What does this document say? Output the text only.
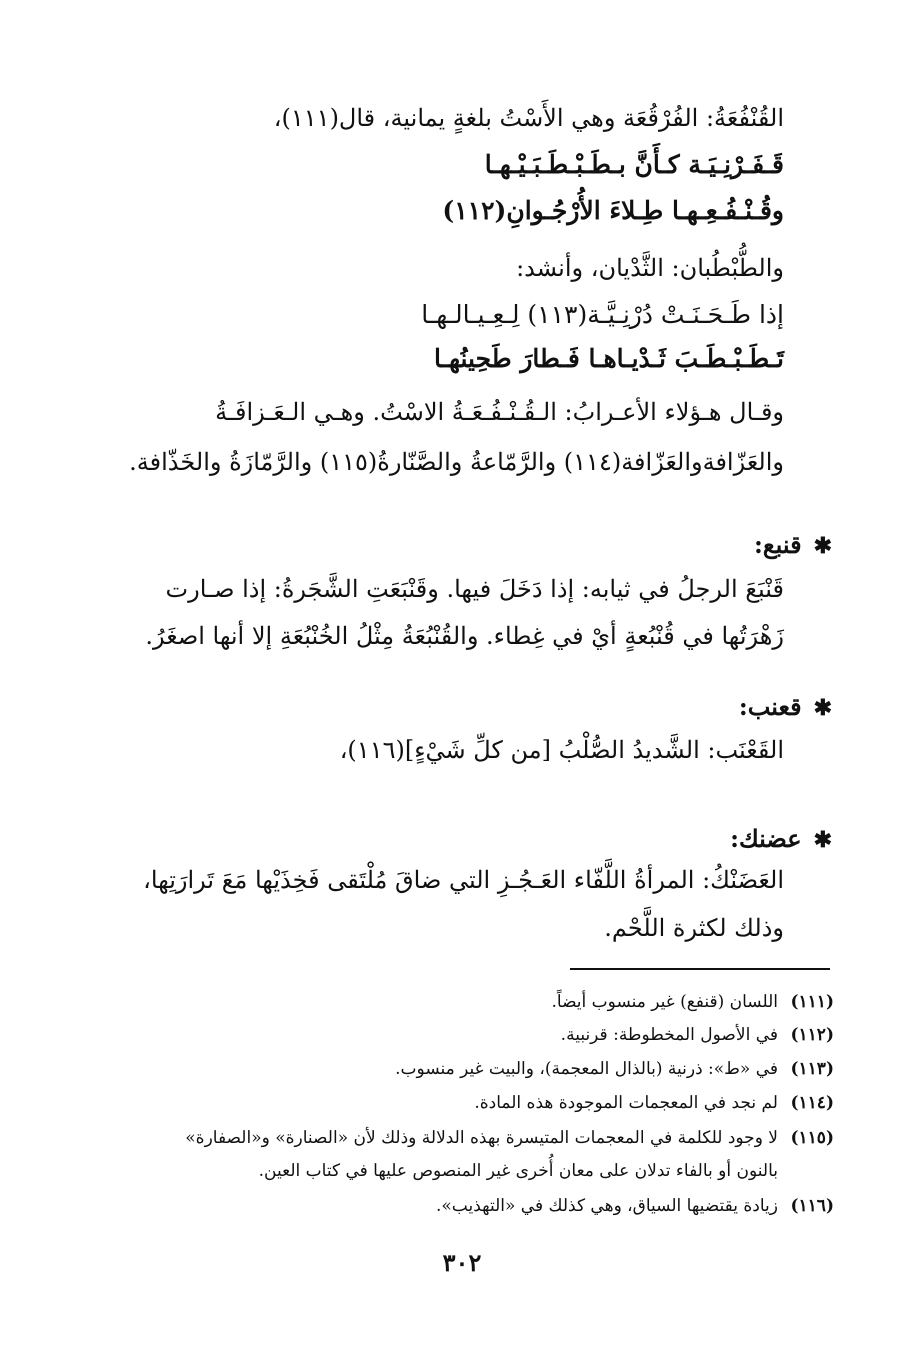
القُنْفُعَةُ: الفُرْقُعَة وهي الأَسْتُ بلغةٍ يمانية، قال(١١١)،
قَـفَـرْنِـيَـة كـأَنَّ بـطَـبْـطَـبَـيْـهـا
وقُـنْـفُـعِـهـا طِـلاءَ الأُرْجُـوانِ(١١٢)
والطُّبْطُبان: الثَّدْيان، وأنشد:
إذا طَـحَـنَـتْ دُرْنِـيَّـة(١١٣) لِـعِـيـالـهـا
تَـطَـبْـطَـبَ ثَـدْيـاهـا فَـطارَ طَحِينُهـا
وقـال هـؤلاء الأعـرابُ: الـقُـنْـفُـعَـةُ الاسْتُ. وهـي الـعَـزافَـةُ
والعَزّافةوالعَزّافة(١١٤) والرَّمّاعةُ والصَّنّارةُ(١١٥) والرَّمّازَةُ والخَذّافة.
✱قنبع:
قَنْبَعَ الرجلُ في ثيابه: إذا دَخَلَ فيها. وقَنْبَعَتِ الشَّجَرةُ: إذا صـارت
زَهْرَتُها في قُنْبُعةٍ أيْ في غِطاء. والقُنْبُعَةُ مِثْلُ الخُنْبُعَةِ إلا أنها اصغَرُ.
✱قعنب:
القَعْنَب: الشَّديدُ الصُّلْبُ [من كلِّ شَيْءٍ](١١٦)،
✱عضنك:
العَضَنْكُ: المرأةُ اللَّفّاء العَـجُـزِ التي ضاقَ مُلْتَقى فَخِذَيْها مَعَ تَرارَتِها،
وذلك لكثرة اللَّحْم.
(١١١)اللسان (قنفع) غير منسوب أيضاً.
(١١٢)في الأصول المخطوطة: قرنبية.
(١١٣)في «ط»: ذرنية (بالذال المعجمة)، والبيت غير منسوب.
(١١٤)لم نجد في المعجمات الموجودة هذه المادة.
(١١٥)لا وجود للكلمة في المعجمات المتيسرة بهذه الدلالة وذلك لأن «الصنارة» و«الصفارة»
بالنون أو بالفاء تدلان على معان أُخرى غير المنصوص عليها في كتاب العين.
(١١٦)زيادة يقتضيها السياق، وهي كذلك في «التهذيب».
٣٠٢
